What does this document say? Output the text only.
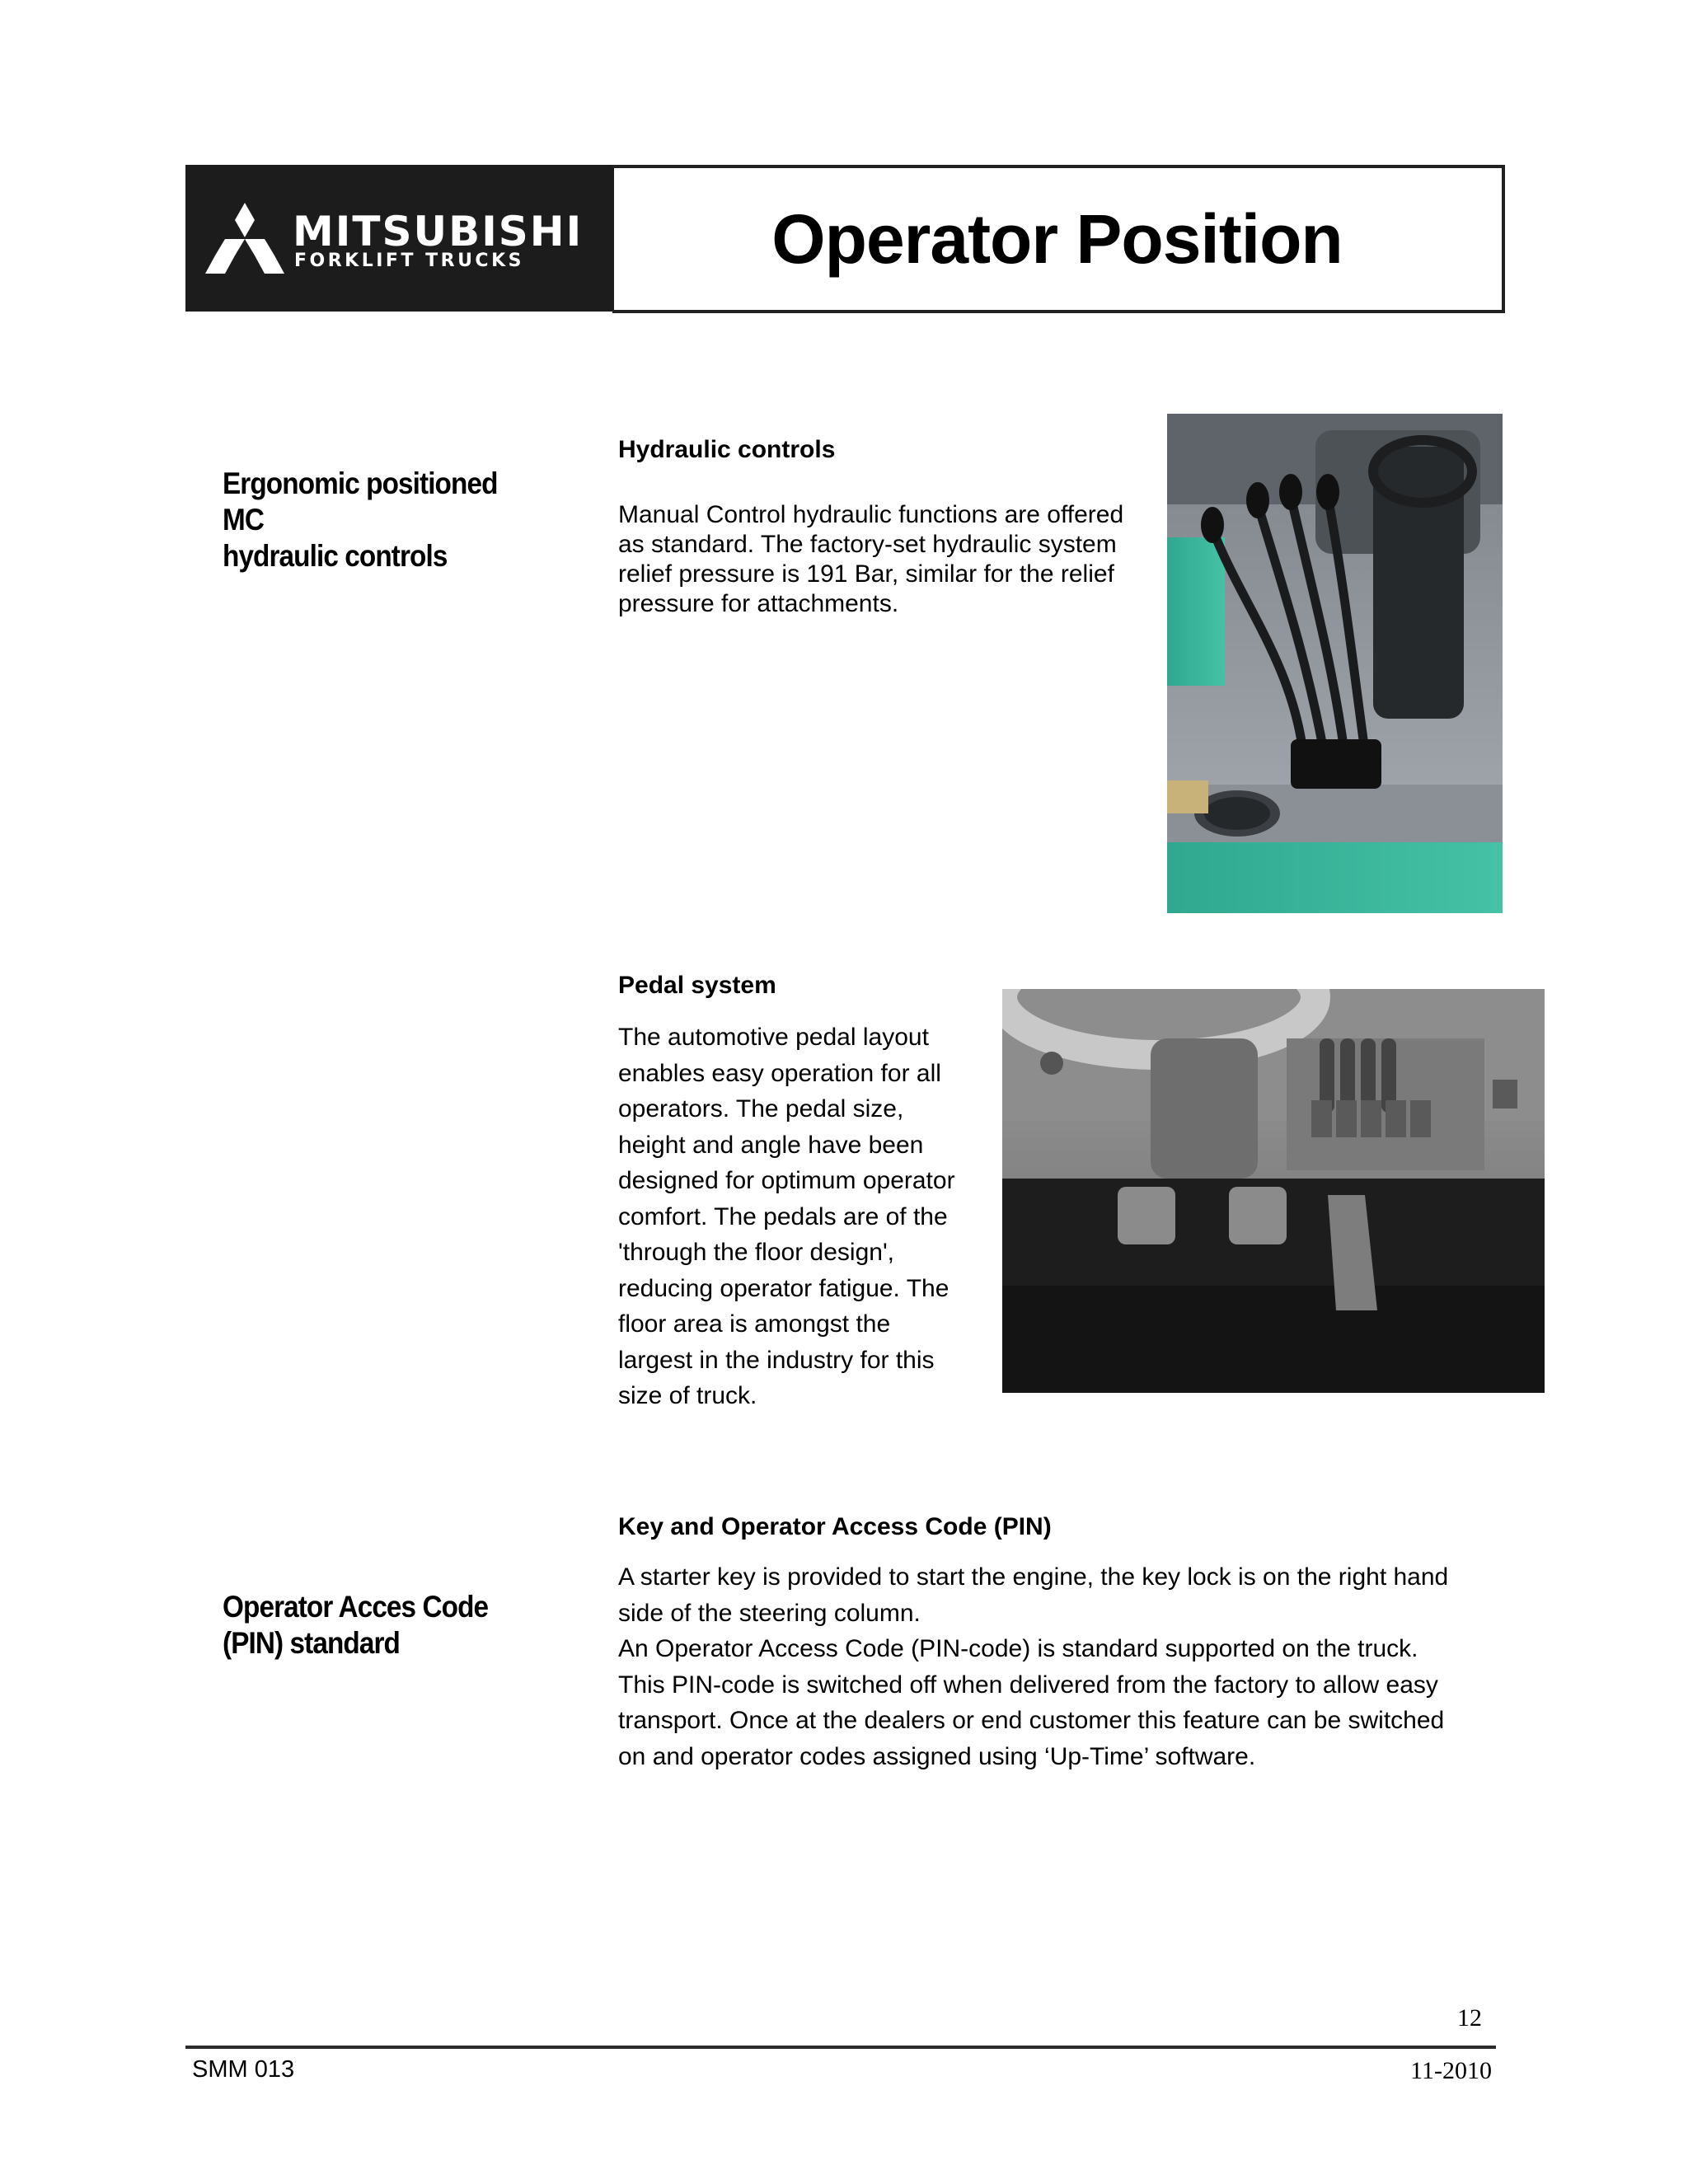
MITSUBISHI
FORKLIFT TRUCKS	Operator Position
Ergonomic positioned MC
hydraulic controls
Hydraulic controls

Manual Control hydraulic functions are offered
as standard. The factory-set hydraulic system
relief pressure is 191 Bar, similar for the relief
pressure for attachments.

Pedal system

The automotive pedal layout
enables easy operation for all
operators. The pedal size,
height and angle have been
designed for optimum operator
comfort. The pedals are of the
'through the floor design',
reducing operator fatigue. The
floor area is amongst the
largest in the industry for this
size of truck.

Operator Acces Code
(PIN) standard
Key and Operator Access Code (PIN)

A starter key is provided to start the engine, the key lock is on the right hand
side of the steering column.
An Operator Access Code (PIN-code) is standard supported on the truck.
This PIN-code is switched off when delivered from the factory to allow easy
transport. Once at the dealers or end customer this feature can be switched
on and operator codes assigned using ‘Up-Time’ software.

12
SMM 013	11-2010
